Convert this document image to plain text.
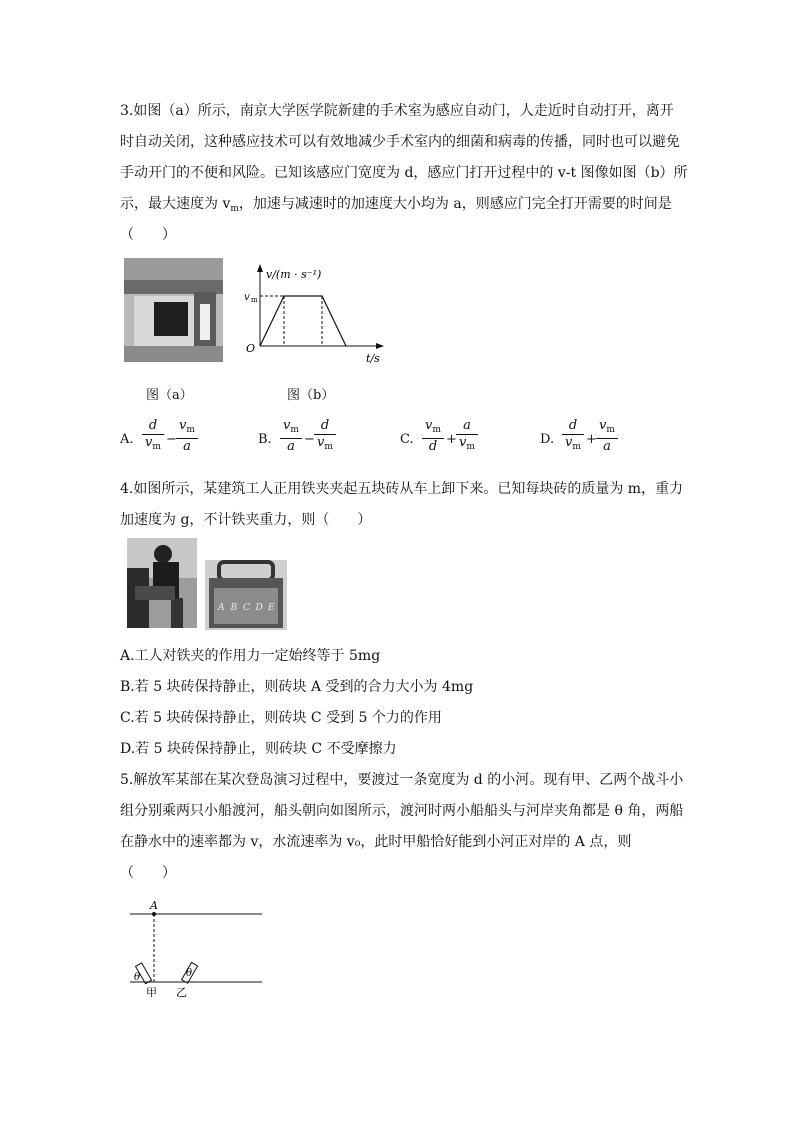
3.如图（a）所示，南京大学医学院新建的手术室为感应自动门，人走近时自动打开，离开
时自动关闭，这种感应技术可以有效地减少手术室内的细菌和病毒的传播，同时也可以避免
手动开门的不便和风险。已知该感应门宽度为 d，感应门打开过程中的 v-t 图像如图（b）所
示，最大速度为 $v_m$，加速与减速时的加速度大小均为 a，则感应门完全打开需要的时间是
（　　）
v/(m · s⁻¹)
v m
O
t/s
图（a）	图（b）
A. $\frac{d}{v_m} - \frac{v_m}{a}$	B. $\frac{v_m}{a} - \frac{d}{v_m}$	C. $\frac{v_m}{d} + \frac{a}{v_m}$	D. $\frac{d}{v_m} + \frac{v_m}{a}$
4.如图所示，某建筑工人正用铁夹夹起五块砖从车上卸下来。已知每块砖的质量为 m，重力
加速度为 g，不计铁夹重力，则（　　）
A B C D E
A.工人对铁夹的作用力一定始终等于 5mg
B.若 5 块砖保持静止，则砖块 A 受到的合力大小为 4mg
C.若 5 块砖保持静止，则砖块 C 受到 5 个力的作用
D.若 5 块砖保持静止，则砖块 C 不受摩擦力
5.解放军某部在某次登岛演习过程中，要渡过一条宽度为 d 的小河。现有甲、乙两个战斗小
组分别乘两只小船渡河，船头朝向如图所示，渡河时两小船船头与河岸夹角都是 θ 角，两船
在静水中的速率都为 v，水流速率为 v₀，此时甲船恰好能到小河正对岸的 A 点，则
（　　）
A
θ	θ
甲 乙
